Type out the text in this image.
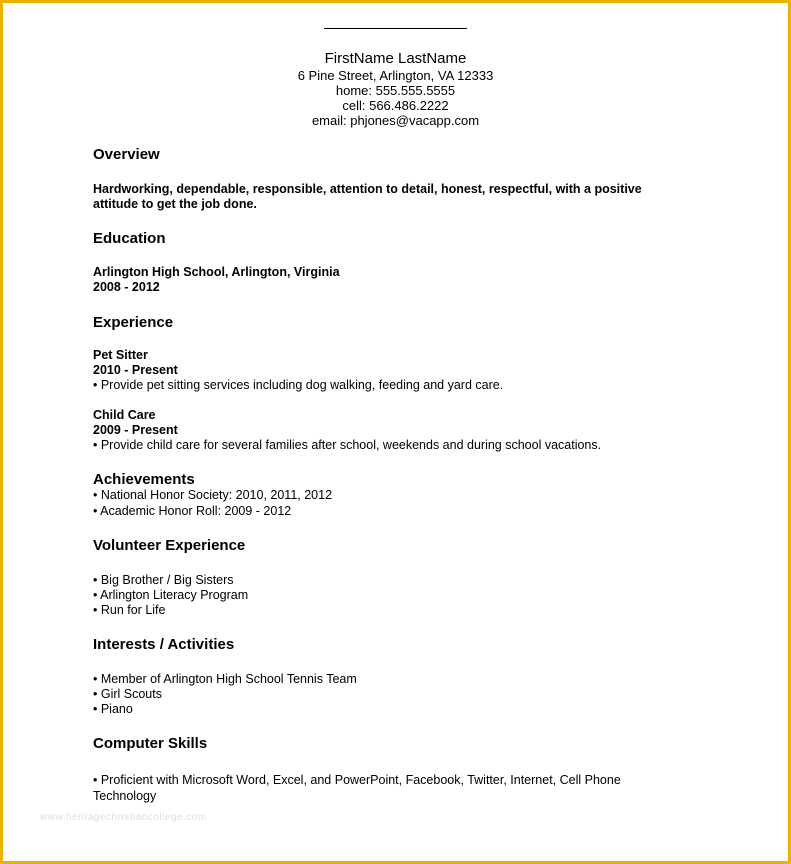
FirstName LastName
6 Pine Street, Arlington, VA 12333
home: 555.555.5555
cell: 566.486.2222
email: phjones@vacapp.com
Overview
Hardworking, dependable, responsible, attention to detail, honest, respectful, with a positive
attitude to get the job done.
Education
Arlington High School, Arlington, Virginia
2008 - 2012
Experience
Pet Sitter
2010 - Present
• Provide pet sitting services including dog walking, feeding and yard care.
Child Care
2009 - Present
• Provide child care for several families after school, weekends and during school vacations.
Achievements
• National Honor Society: 2010, 2011, 2012
• Academic Honor Roll: 2009 - 2012
Volunteer Experience
• Big Brother / Big Sisters
• Arlington Literacy Program
• Run for Life
Interests / Activities
• Member of Arlington High School Tennis Team
• Girl Scouts
• Piano
Computer Skills
• Proficient with Microsoft Word, Excel, and PowerPoint, Facebook, Twitter, Internet, Cell Phone
Technology
www.heritagechristiancollege.com
